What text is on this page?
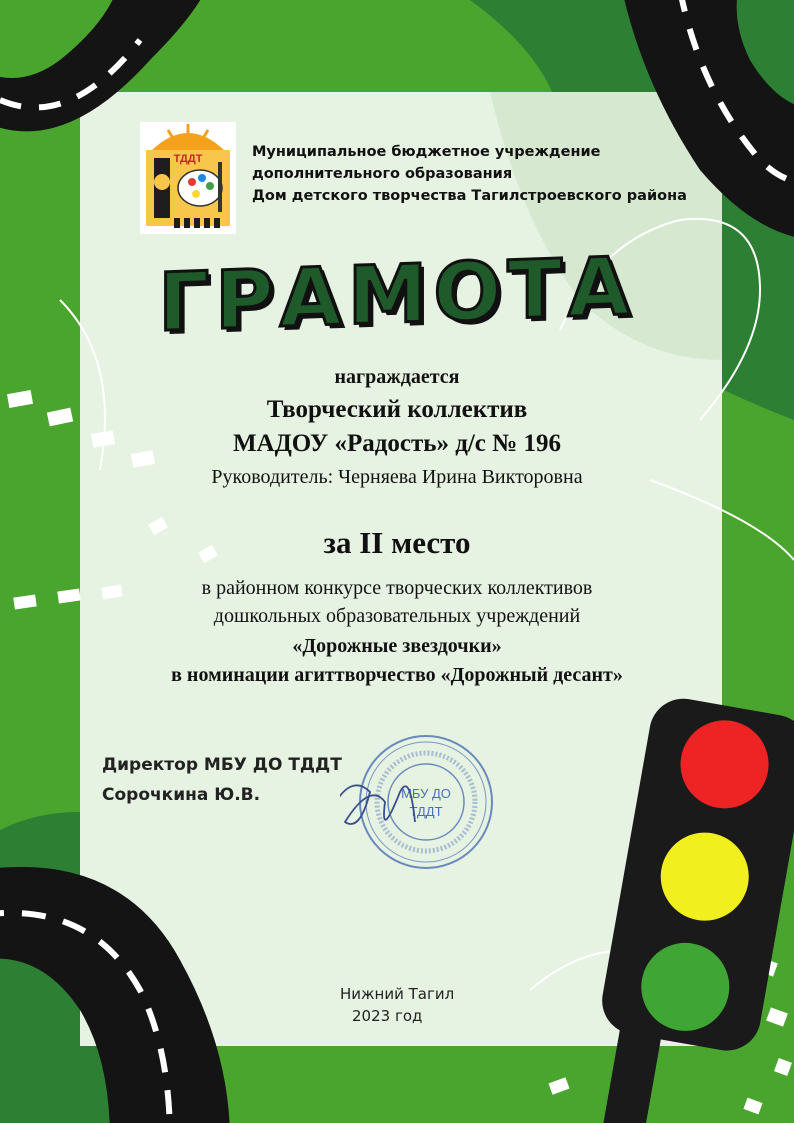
ТДДТ	Муниципальное бюджетное учреждение
дополнительного образования
Дом детского творчества Тагилстроевского района
ГРАМОТА
награждается
Творческий коллектив
МАДОУ «Радость» д/с № 196
Руководитель: Черняева Ирина Викторовна
за II место
в районном конкурсе творческих коллективов
дошкольных образовательных учреждений
«Дорожные звездочки»
в номинации агиттворчество «Дорожный десант»
Директор МБУ ДО ТДДТ
Сорочкина Ю.В.	МБУ ДО
ТДДТ
Нижний Тагил
2023 год
